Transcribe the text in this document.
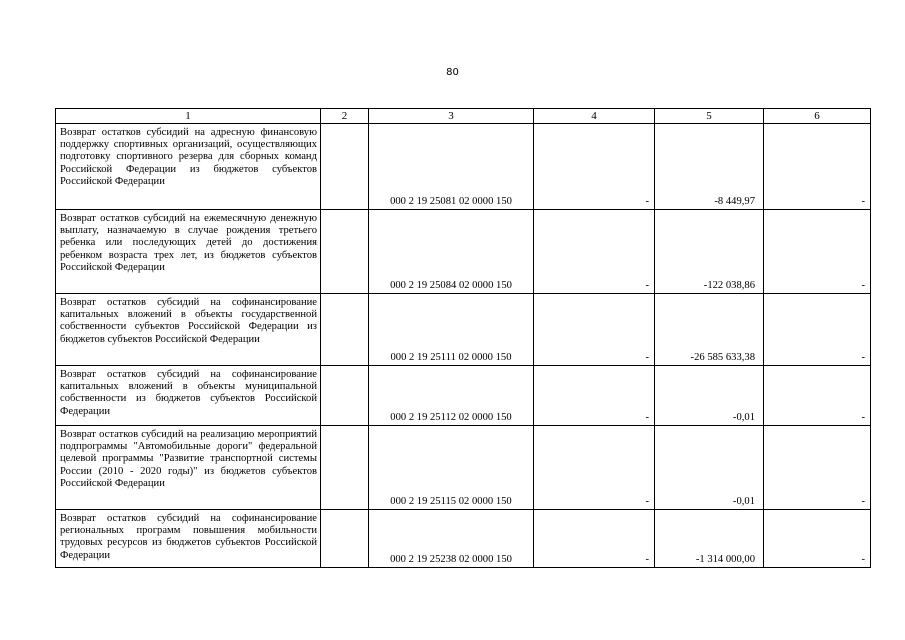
80
1	2	3	4	5	6
Возврат остатков субсидий на адресную финансовую поддержку спортивных организаций, осуществляющих подготовку спортивного резерва для сборных команд Российской Федерации из бюджетов субъектов Российской Федерации		000 2 19 25081 02 0000 150	-	-8 449,97	-
Возврат остатков субсидий на ежемесячную денежную выплату, назначаемую в случае рождения третьего ребенка или последующих детей до достижения ребенком возраста трех лет, из бюджетов субъектов Российской Федерации		000 2 19 25084 02 0000 150	-	-122 038,86	-
Возврат остатков субсидий на софинансирование капитальных вложений в объекты государственной собственности субъектов Российской Федерации из бюджетов субъектов Российской Федерации		000 2 19 25111 02 0000 150	-	-26 585 633,38	-
Возврат остатков субсидий на софинансирование капитальных вложений в объекты муниципальной собственности из бюджетов субъектов Российской Федерации		000 2 19 25112 02 0000 150	-	-0,01	-
Возврат остатков субсидий на реализацию мероприятий подпрограммы "Автомобильные дороги" федеральной целевой программы "Развитие транспортной системы России (2010 - 2020 годы)" из бюджетов субъектов Российской Федерации		000 2 19 25115 02 0000 150	-	-0,01	-
Возврат остатков субсидий на софинансирование региональных программ повышения мобильности трудовых ресурсов из бюджетов субъектов Российской Федерации		000 2 19 25238 02 0000 150	-	-1 314 000,00	-
